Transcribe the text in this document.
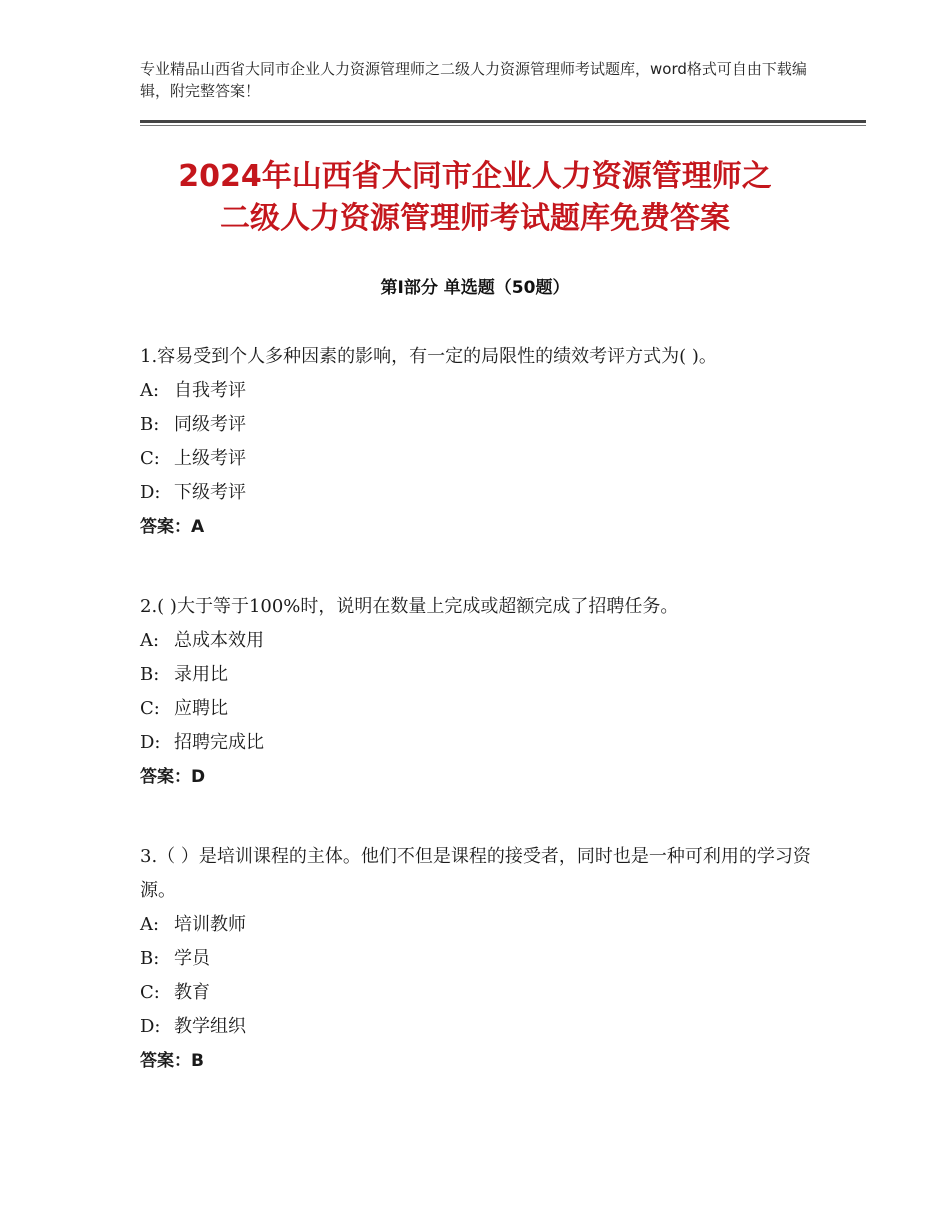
专业精品山西省大同市企业人力资源管理师之二级人力资源管理师考试题库，word格式可自由下载编辑，附完整答案！
2024年山西省大同市企业人力资源管理师之
二级人力资源管理师考试题库免费答案
第Ⅰ部分 单选题（50题）

1.容易受到个人多种因素的影响，有一定的局限性的绩效考评方式为( )。

A: 自我考评

B: 同级考评

C: 上级考评

D: 下级考评

答案：A

2.( )大于等于100%时，说明在数量上完成或超额完成了招聘任务。

A: 总成本效用

B: 录用比

C: 应聘比

D: 招聘完成比

答案：D

3.（ ）是培训课程的主体。他们不但是课程的接受者，同时也是一种可利用的学习资源。

A: 培训教师

B: 学员

C: 教育

D: 教学组织

答案：B
